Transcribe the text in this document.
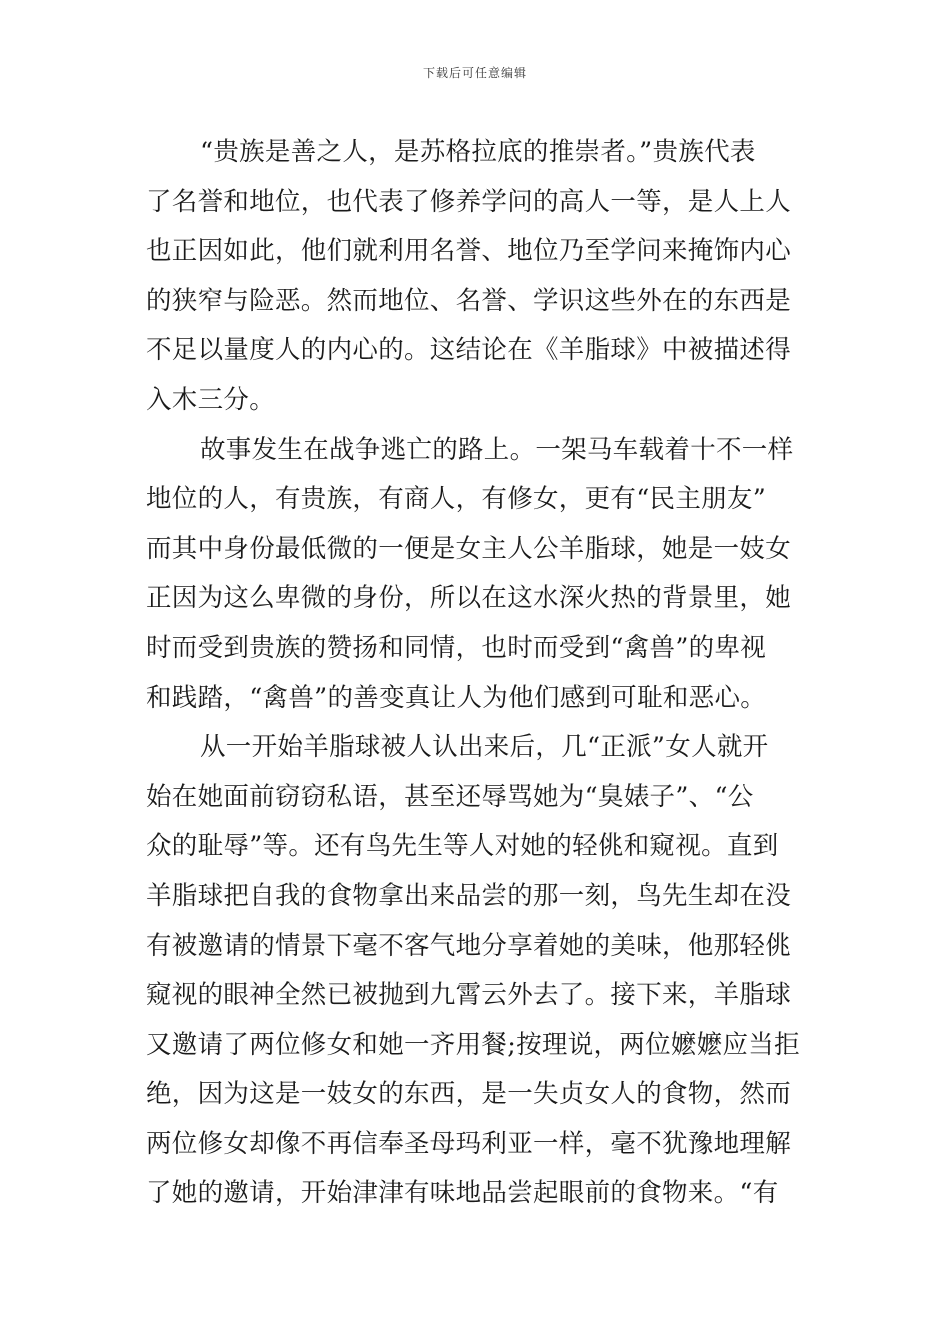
下载后可任意编辑
“贵族是善之人，是苏格拉底的推崇者。”贵族代表
了名誉和地位，也代表了修养学问的高人一等，是人上人
也正因如此，他们就利用名誉、地位乃至学问来掩饰内心
的狭窄与险恶。然而地位、名誉、学识这些外在的东西是
不足以量度人的内心的。这结论在《羊脂球》中被描述得
入木三分。
故事发生在战争逃亡的路上。一架马车载着十不一样
地位的人，有贵族，有商人，有修女，更有“民主朋友”
而其中身份最低微的一便是女主人公羊脂球，她是一妓女
正因为这么卑微的身份，所以在这水深火热的背景里，她
时而受到贵族的赞扬和同情，也时而受到“禽兽”的卑视
和践踏，“禽兽”的善变真让人为他们感到可耻和恶心。
从一开始羊脂球被人认出来后，几“正派”女人就开
始在她面前窃窃私语，甚至还辱骂她为“臭婊子”、“公
众的耻辱”等。还有鸟先生等人对她的轻佻和窥视。直到
羊脂球把自我的食物拿出来品尝的那一刻，鸟先生却在没
有被邀请的情景下毫不客气地分享着她的美味，他那轻佻
窥视的眼神全然已被抛到九霄云外去了。接下来，羊脂球
又邀请了两位修女和她一齐用餐;按理说，两位嬷嬷应当拒
绝，因为这是一妓女的东西，是一失贞女人的食物，然而
两位修女却像不再信奉圣母玛利亚一样，毫不犹豫地理解
了她的邀请，开始津津有味地品尝起眼前的食物来。“有
